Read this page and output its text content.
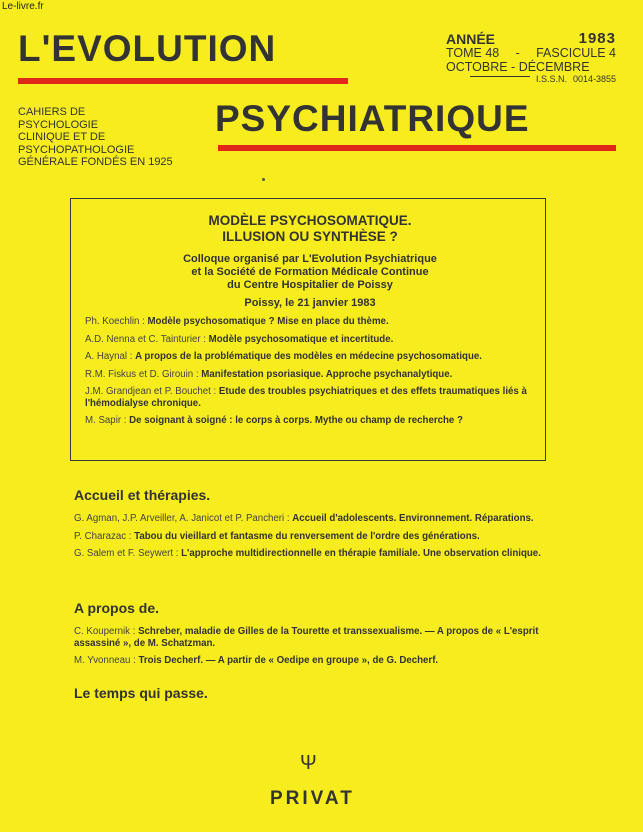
Le-livre.fr
L'EVOLUTION
PSYCHIATRIQUE
ANNÉE	1983
TOME 48 - FASCICULE 4
OCTOBRE - DÉCEMBRE
I.S.S.N. 0014-3855
CAHIERS DE
PSYCHOLOGIE
CLINIQUE ET DE
PSYCHOPATHOLOGIE
GÉNÉRALE FONDÉS EN 1925
MODÈLE PSYCHOSOMATIQUE.
ILLUSION OU SYNTHÈSE ?
Colloque organisé par L'Evolution Psychiatrique
et la Société de Formation Médicale Continue
du Centre Hospitalier de Poissy
Poissy, le 21 janvier 1983
Ph. Koechlin : Modèle psychosomatique ? Mise en place du thème.
A.D. Nenna et C. Tainturier : Modèle psychosomatique et incertitude.
A. Haynal : A propos de la problématique des modèles en médecine psychosomatique.
R.M. Fiskus et D. Girouin : Manifestation psoriasique. Approche psychanalytique.
J.M. Grandjean et P. Bouchet : Etude des troubles psychiatriques et des effets traumatiques liés à l'hémodialyse chronique.
M. Sapir : De soignant à soigné : le corps à corps. Mythe ou champ de recherche ?
Accueil et thérapies.
G. Agman, J.P. Arveiller, A. Janicot et P. Pancheri : Accueil d'adolescents. Environnement. Réparations.
P. Charazac : Tabou du vieillard et fantasme du renversement de l'ordre des générations.
G. Salem et F. Seywert : L'approche multidirectionnelle en thérapie familiale. Une observation clinique.
A propos de.
C. Koupernik : Schreber, maladie de Gilles de la Tourette et transsexualisme. — A propos de « L'esprit assassiné », de M. Schatzman.
M. Yvonneau : Trois Decherf. — A partir de « Oedipe en groupe », de G. Decherf.
Le temps qui passe.
Ψ
PRIVAT
